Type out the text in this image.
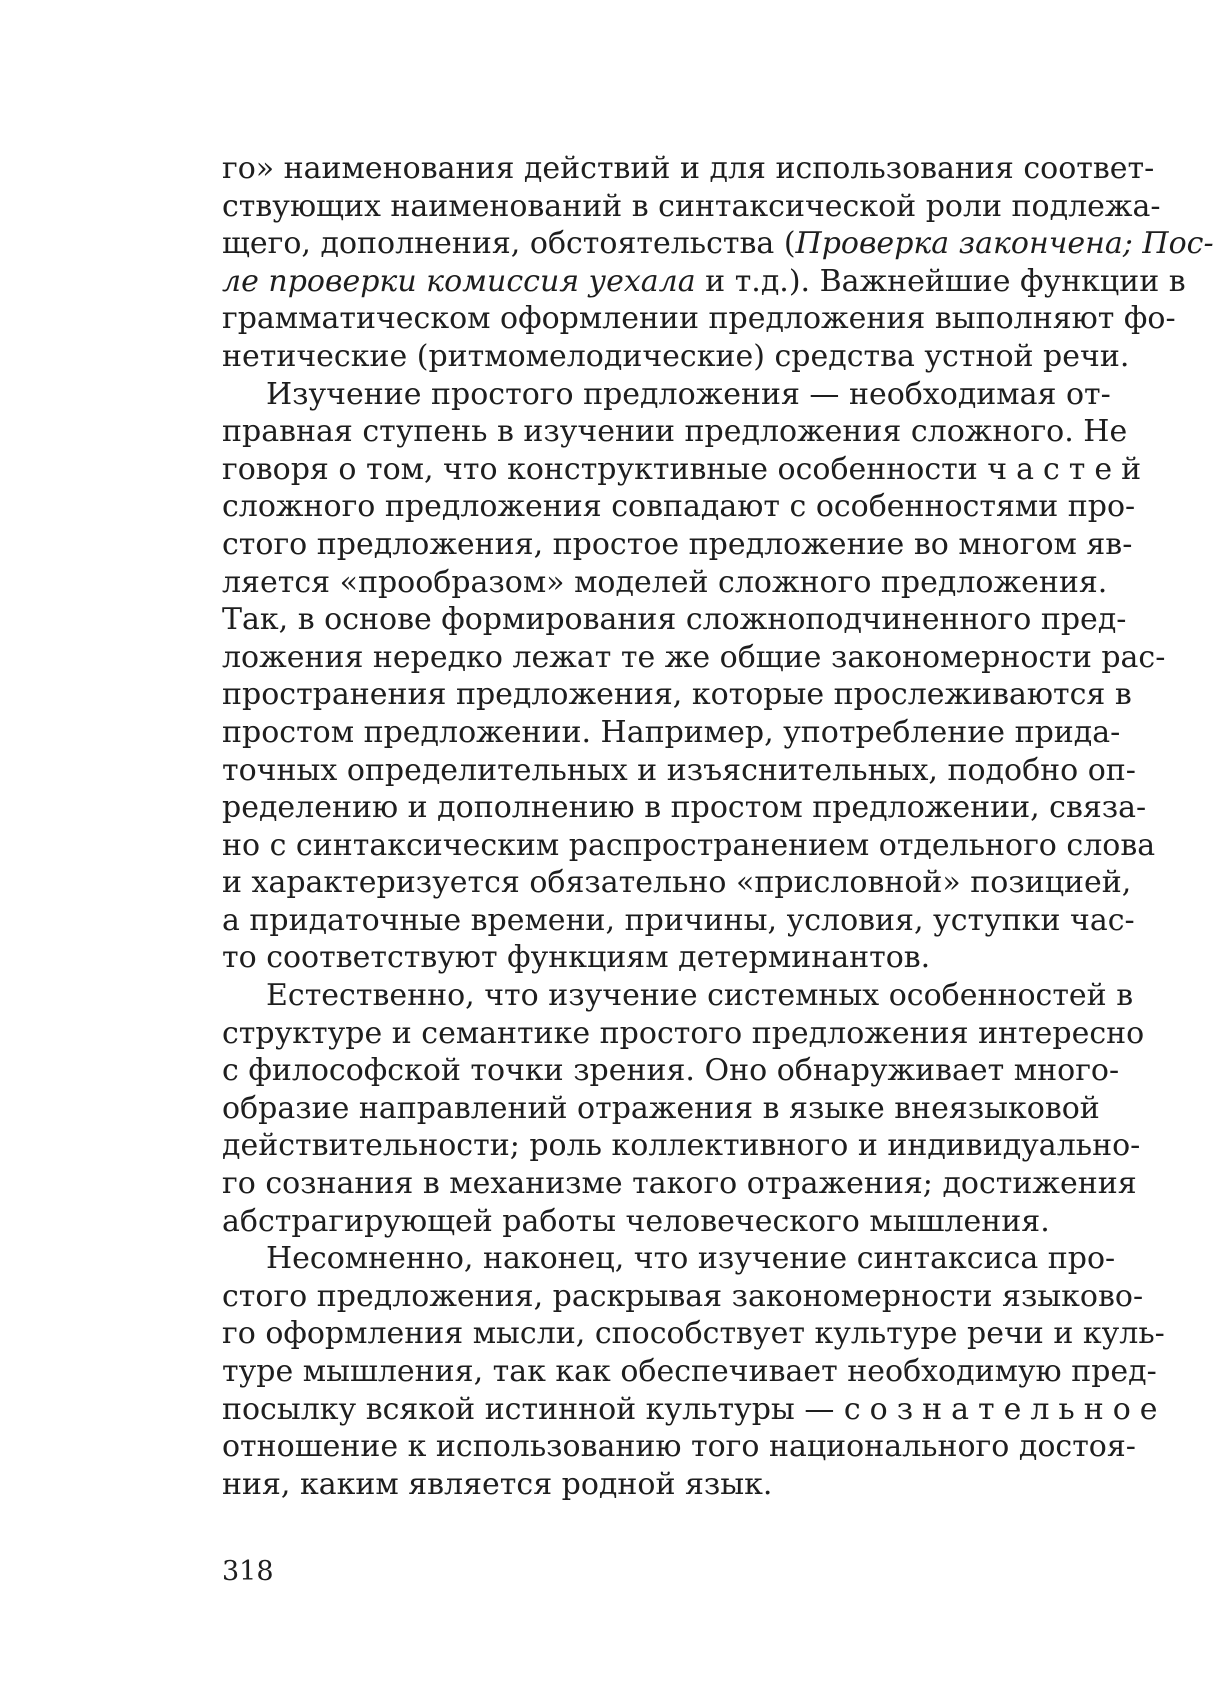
го» наименования действий и для использования соответ-
ствующих наименований в синтаксической роли подлежа-
щего, дополнения, обстоятельства (Проверка закончена; Пос-
ле проверки комиссия уехала и т.д.). Важнейшие функции в
грамматическом оформлении предложения выполняют фо-
нетические (ритмомелодические) средства устной речи.
Изучение простого предложения — необходимая от-
правная ступень в изучении предложения сложного. Не
говоря о том, что конструктивные особенности частей
сложного предложения совпадают с особенностями про-
стого предложения, простое предложение во многом яв-
ляется «прообразом» моделей сложного предложения.
Так, в основе формирования сложноподчиненного пред-
ложения нередко лежат те же общие закономерности рас-
пространения предложения, которые прослеживаются в
простом предложении. Например, употребление прида-
точных определительных и изъяснительных, подобно оп-
ределению и дополнению в простом предложении, связа-
но с синтаксическим распространением отдельного слова
и характеризуется обязательно «присловной» позицией,
а придаточные времени, причины, условия, уступки час-
то соответствуют функциям детерминантов.
Естественно, что изучение системных особенностей в
структуре и семантике простого предложения интересно
с философской точки зрения. Оно обнаруживает много-
образие направлений отражения в языке внеязыковой
действительности; роль коллективного и индивидуально-
го сознания в механизме такого отражения; достижения
абстрагирующей работы человеческого мышления.
Несомненно, наконец, что изучение синтаксиса про-
стого предложения, раскрывая закономерности языково-
го оформления мысли, способствует культуре речи и куль-
туре мышления, так как обеспечивает необходимую пред-
посылку всякой истинной культуры — сознательное
отношение к использованию того национального достоя-
ния, каким является родной язык.
318
